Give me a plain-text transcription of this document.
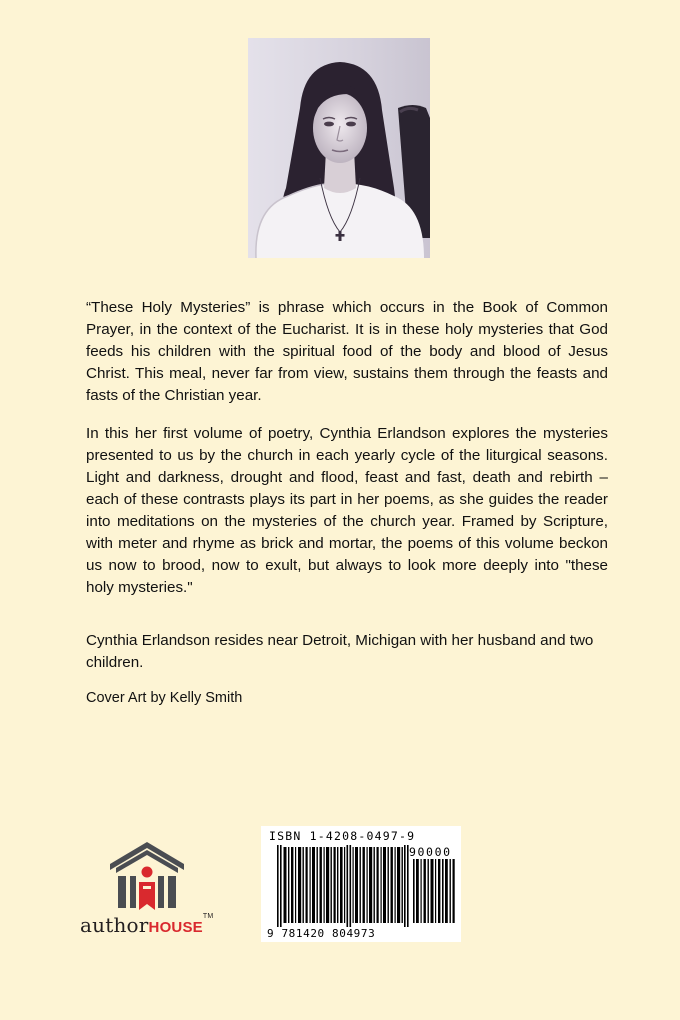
“These Holy Mysteries” is phrase which occurs in the Book of Common Prayer, in the context of the Eucharist. It is in these holy mysteries that God feeds his children with the spiritual food of the body and blood of Jesus Christ. This meal, never far from view, sustains them through the feasts and fasts of the Christian year.

In this her first volume of poetry, Cynthia Erlandson explores the mysteries presented to us by the church in each yearly cycle of the liturgical seasons. Light and darkness, drought and flood, feast and fast, death and rebirth – each of these contrasts plays its part in her poems, as she guides the reader into meditations on the mysteries of the church year. Framed by Scripture, with meter and rhyme as brick and mortar, the poems of this volume beckon us now to brood, now to exult, but always to look more deeply into "these holy mysteries."

Cynthia Erlandson resides near Detroit, Michigan with her husband and two children.

Cover Art by Kelly Smith
authorHOUSE™
ISBN 1-4208-0497-9
90000
9 781420 804973
